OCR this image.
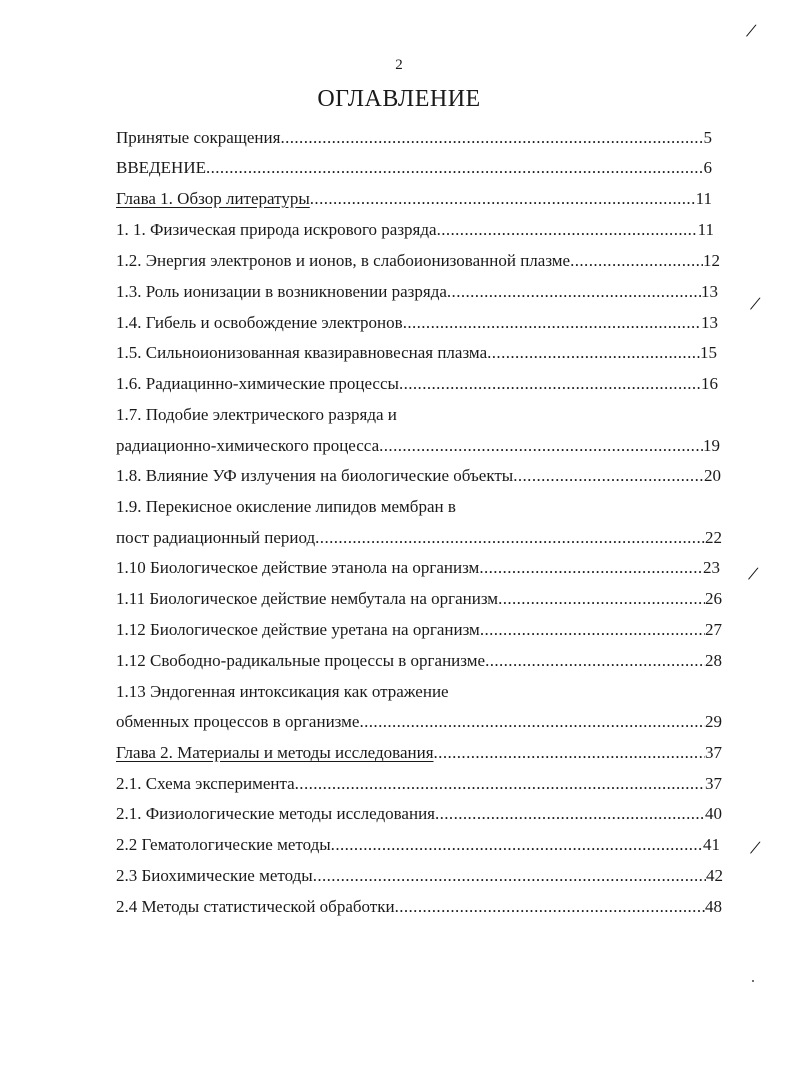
2
ОГЛАВЛЕНИЕ
Принятые сокращения .....	5
ВВЕДЕНИЕ .....	6
Глава 1. Обзор литературы .....	11
1. 1. Физическая природа искрового разряда .....	11
1.2. Энергия электронов и ионов, в слабоионизованной плазме .....	12
1.3. Роль ионизации в возникновении разряда .....	13
1.4. Гибель и освобождение электронов .....	13
1.5. Сильноионизованная квазиравновесная плазма .....	15
1.6. Радиацинно-химические процессы .....	16
1.7. Подобие электрического разряда и
радиационно-химического процесса .....	19
1.8. Влияние УФ излучения на биологические объекты .....	20
1.9. Перекисное окисление липидов мембран в
пост радиационный период .....	22
1.10 Биологическое действие этанола на организм .....	23
1.11 Биологическое действие нембутала на организм .....	26
1.12 Биологическое действие уретана на организм .....	27
1.12 Свободно-радикальные процессы в организме .....	28
1.13 Эндогенная интоксикация как отражение
обменных процессов в организме .....	29
Глава 2. Материалы и методы исследования .....	37
2.1. Схема эксперимента .....	37
2.1. Физиологические методы исследования .....	40
2.2 Гематологические методы .....	41
2.3 Биохимические методы .....	42
2.4 Методы статистической обработки .....	48
/
/
/
/
